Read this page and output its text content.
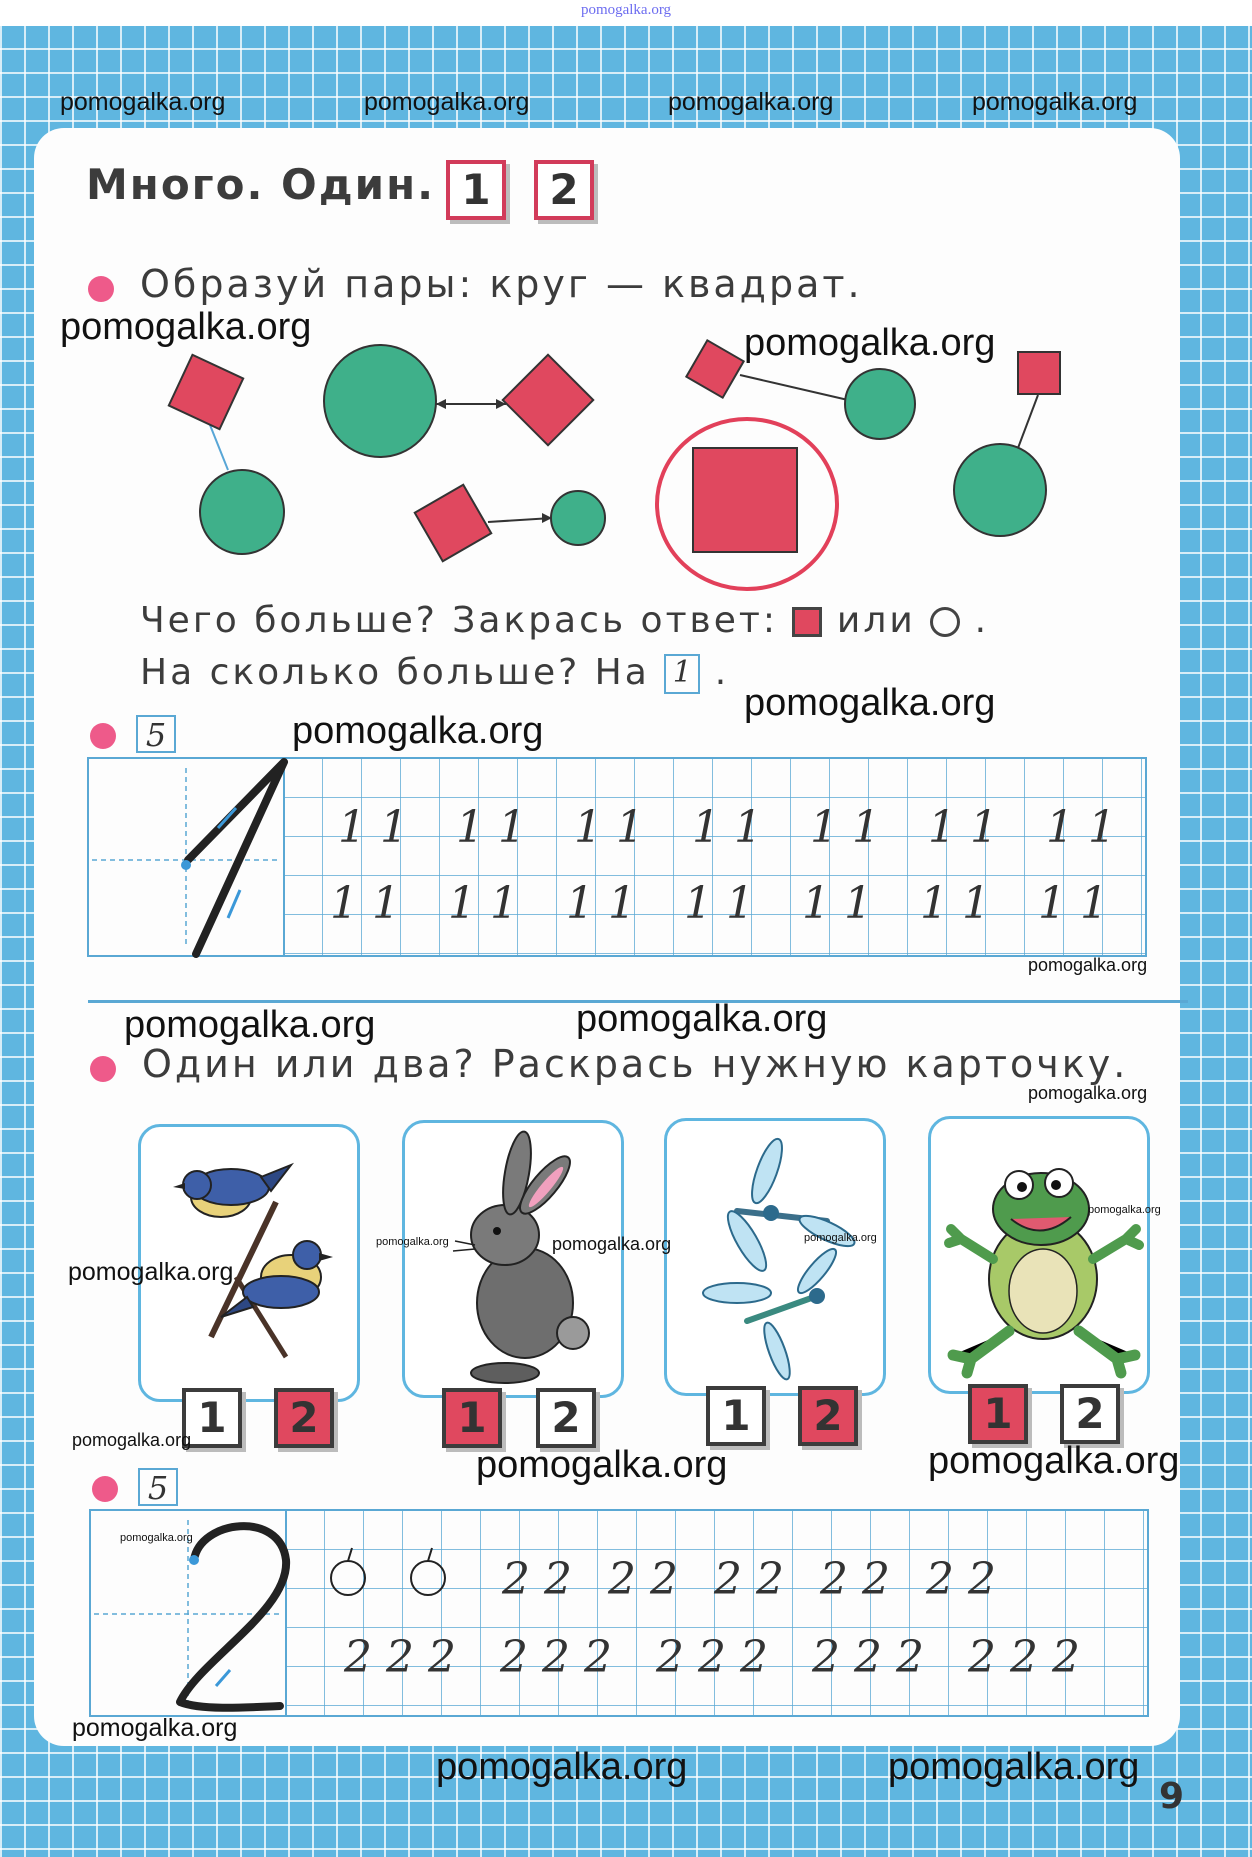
pomogalka.org
Много. Один. 1	2
Образуй пары: круг — квадрат.
Чего больше? Закрась ответ: или .
На сколько больше? На 1 .
5
1 1 1 1 1 1 1 1 1 1 1 1 1 1
1 1 1 1 1 1 1 1 1 1 1 1 1 1
Один или два? Раскрась нужную карточку.
1	2	1	2	1	2	1	2
5
2 2 2 2 2 2 2 2 2 2
2 2 2 2 2 2 2 2 2 2 2 2 2 2 2
pomogalka.org	pomogalka.org	pomogalka.org	pomogalka.org
pomogalka.org	pomogalka.org
pomogalka.org
pomogalka.org
pomogalka.org
pomogalka.org	pomogalka.org
pomogalka.org
pomogalka.org
pomogalka.org	pomogalka.org	pomogalka.org
pomogalka.org
pomogalka.org
pomogalka.org	pomogalka.org
pomogalka.org
pomogalka.org
pomogalka.org	pomogalka.org
9
